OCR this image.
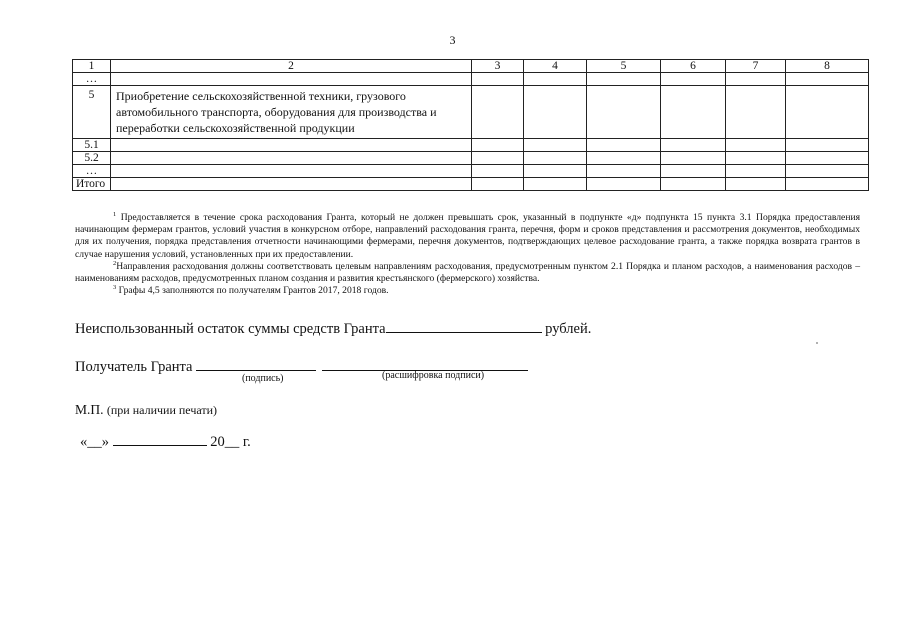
3
1	2	3	4	5	6	7	8
…							
5	Приобретение сельскохозяйственной техники, грузового автомобильного транспорта, оборудования для производства и переработки сельскохозяйственной продукции						
5.1							
5.2							
…							
Итого							

$^1$ Предоставляется в течение срока расходования Гранта, который не должен превышать срок, указанный в подпункте «д» подпункта 15 пункта 3.1 Порядка предоставления начинающим фермерам грантов, условий участия в конкурсном отборе, направлений расходования гранта, перечня, форм и сроков представления и рассмотрения документов, необходимых для их получения, порядка представления отчетности начинающими фермерами, перечня документов, подтверждающих целевое расходование гранта, а также порядка возврата грантов в случае нарушения условий, установленных при их предоставлении.

$^2$Направления расходования должны соответствовать целевым направлениям расходования, предусмотренным пунктом 2.1 Порядка и планом расходов, а наименования расходов – наименованиям расходов, предусмотренных планом создания и развития крестьянского (фермерского) хозяйства.

$^3$ Графы 4,5 заполняются по получателям Грантов 2017, 2018 годов.

Неиспользованный остаток суммы средств Гранта	рублей.
Получатель Гранта
(подпись)	(расшифровка подписи)
М.П. (при наличии печати)
«__»	20__ г.
